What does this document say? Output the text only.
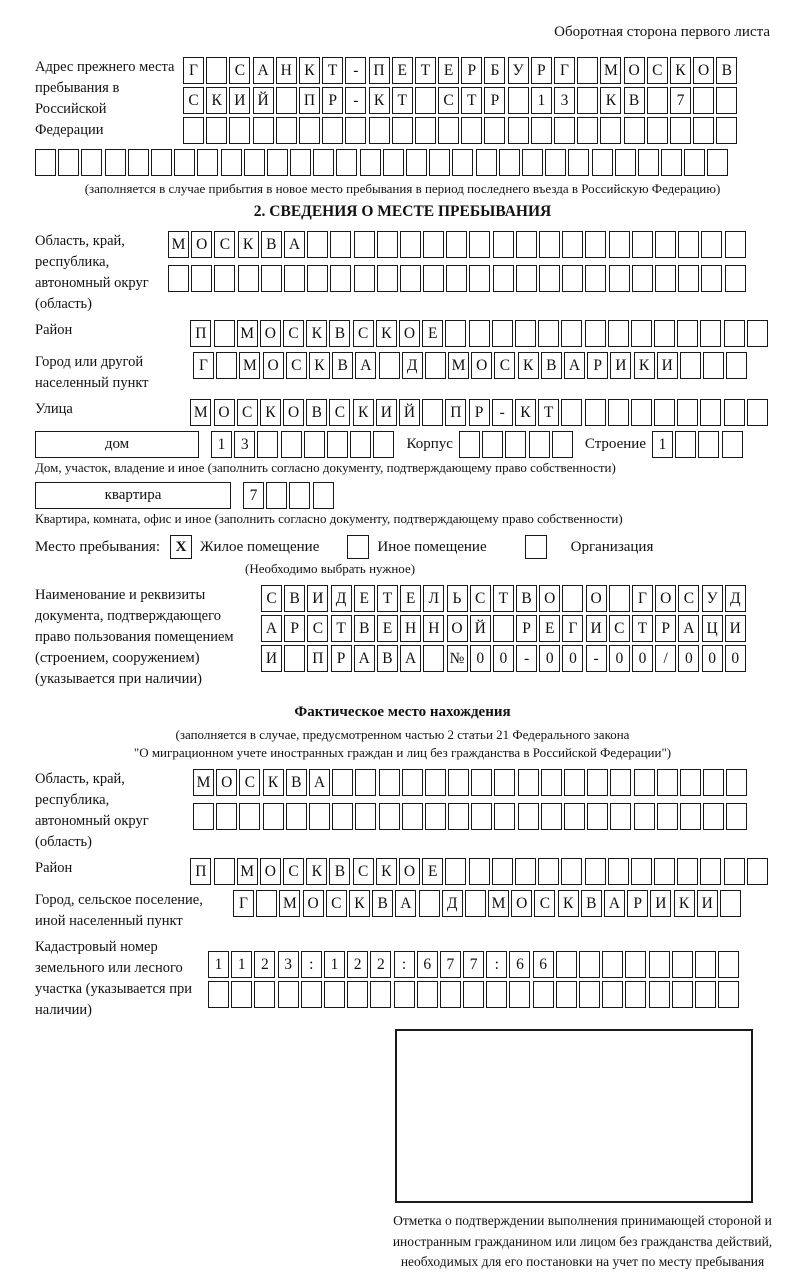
Оборотная сторона первого листа
Адрес прежнего места пребывания в Российской Федерации
Г	С А Н К Т	- П Е Т Е Р Б У Р Г	М О С К О В
С К И Й	П Р	- К Т	С Т Р	1 3	К В	7
(заполняется в случае прибытия в новое место пребывания в период последнего въезда в Российскую Федерацию)
2. СВЕДЕНИЯ О МЕСТЕ ПРЕБЫВАНИЯ
Область, край, республика, автономный округ (область)
М О С К В А
Район	П	М О С К В С К О Е
Город или другой населенный пункт
Г	М О С К В А	Д	М О С К В А Р И К И
Улица	М О С К О В С К И Й	П Р	- К Т
дом	1 3	Корпус	Строение 1
Дом, участок, владение и иное (заполнить согласно документу, подтверждающему право собственности)
квартира	7
Квартира, комната, офис и иное (заполнить согласно документу, подтверждающему право собственности)
Место пребывания:	X Жилое помещение	Иное помещение	Организация
(Необходимо выбрать нужное)
Наименование и реквизиты документа, подтверждающего право пользования помещением (строением, сооружением) (указывается при наличии)
С В И Д Е Т Е Л Ь С Т В О	О	Г О С У Д
А Р С Т В Е Н Н О Й	Р Е Г И С Т Р А Ц И
И	П Р А В А	№ 0 0	-	0 0	-	0 0	/	0 0 0
Фактическое место нахождения
(заполняется в случае, предусмотренном частью 2 статьи 21 Федерального закона
"О миграционном учете иностранных граждан и лиц без гражданства в Российской Федерации")
Область, край, республика, автономный округ (область)
М О С К В А
Район	П	М О С К В С К О Е
Город, сельское поселение, иной населенный пункт
Г	М О С К В А	Д	М О С К В А Р И К И
Кадастровый номер земельного или лесного участка (указывается при наличии)
1 1 2 3	:	1 2 2	:	6 7 7	:	6 6
Отметка о подтверждении выполнения принимающей стороной и иностранным гражданином или лицом без гражданства действий, необходимых для его постановки на учет по месту пребывания
